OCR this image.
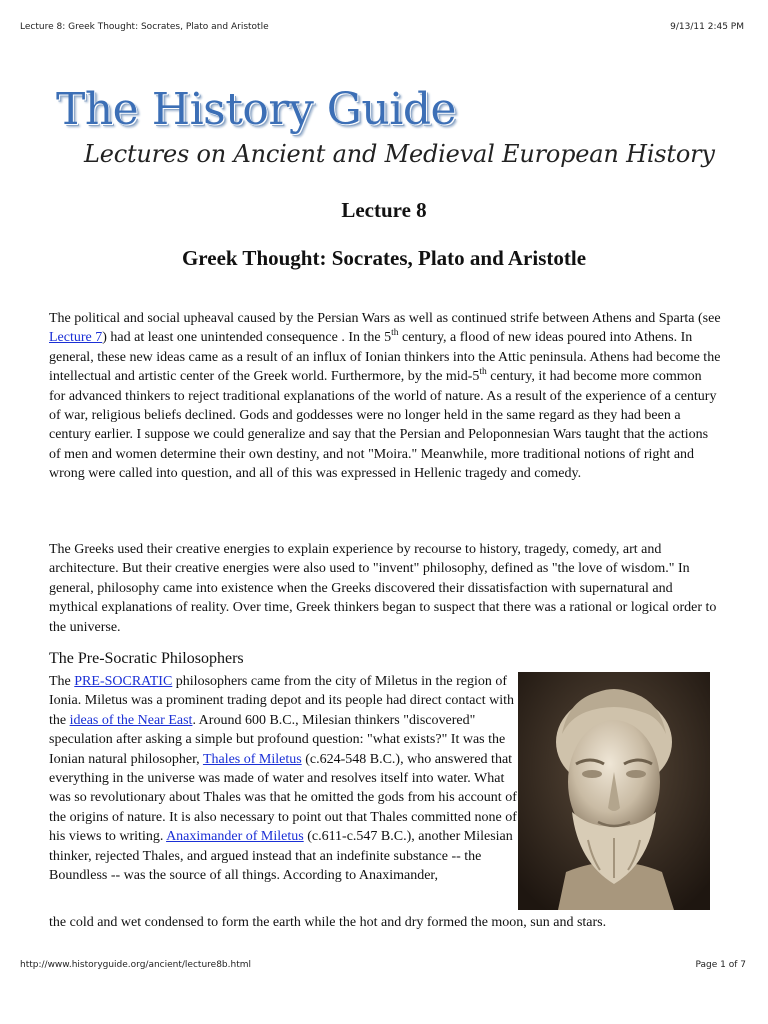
Lecture 8: Greek Thought: Socrates, Plato and Aristotle	9/13/11 2:45 PM
The History Guide
Lectures on Ancient and Medieval European History
Lecture 8
Greek Thought: Socrates, Plato and Aristotle

The political and social upheaval caused by the Persian Wars as well as continued strife between Athens and Sparta (see Lecture 7) had at least one unintended consequence . In the 5th century, a flood of new ideas poured into Athens. In general, these new ideas came as a result of an influx of Ionian thinkers into the Attic peninsula. Athens had become the intellectual and artistic center of the Greek world. Furthermore, by the mid-5th century, it had become more common for advanced thinkers to reject traditional explanations of the world of nature. As a result of the experience of a century of war, religious beliefs declined. Gods and goddesses were no longer held in the same regard as they had been a century earlier. I suppose we could generalize and say that the Persian and Peloponnesian Wars taught that the actions of men and women determine their own destiny, and not "Moira." Meanwhile, more traditional notions of right and wrong were called into question, and all of this was expressed in Hellenic tragedy and comedy.

The Greeks used their creative energies to explain experience by recourse to history, tragedy, comedy, art and architecture. But their creative energies were also used to "invent" philosophy, defined as "the love of wisdom." In general, philosophy came into existence when the Greeks discovered their dissatisfaction with supernatural and mythical explanations of reality. Over time, Greek thinkers began to suspect that there was a rational or logical order to the universe.

The Pre-Socratic Philosophers

The PRE-SOCRATIC philosophers came from the city of Miletus in the region of Ionia. Miletus was a prominent trading depot and its people had direct contact with the ideas of the Near East. Around 600 B.C., Milesian thinkers "discovered" speculation after asking a simple but profound question: "what exists?" It was the Ionian natural philosopher, Thales of Miletus (c.624-548 B.C.), who answered that everything in the universe was made of water and resolves itself into water. What was so revolutionary about Thales was that he omitted the gods from his account of the origins of nature. It is also necessary to point out that Thales committed none of his views to writing. Anaximander of Miletus (c.611-c.547 B.C.), another Milesian thinker, rejected Thales, and argued instead that an indefinite substance -- the Boundless -- was the source of all things. According to Anaximander,

the cold and wet condensed to form the earth while the hot and dry formed the moon, sun and stars.

http://www.historyguide.org/ancient/lecture8b.html	Page 1 of 7
